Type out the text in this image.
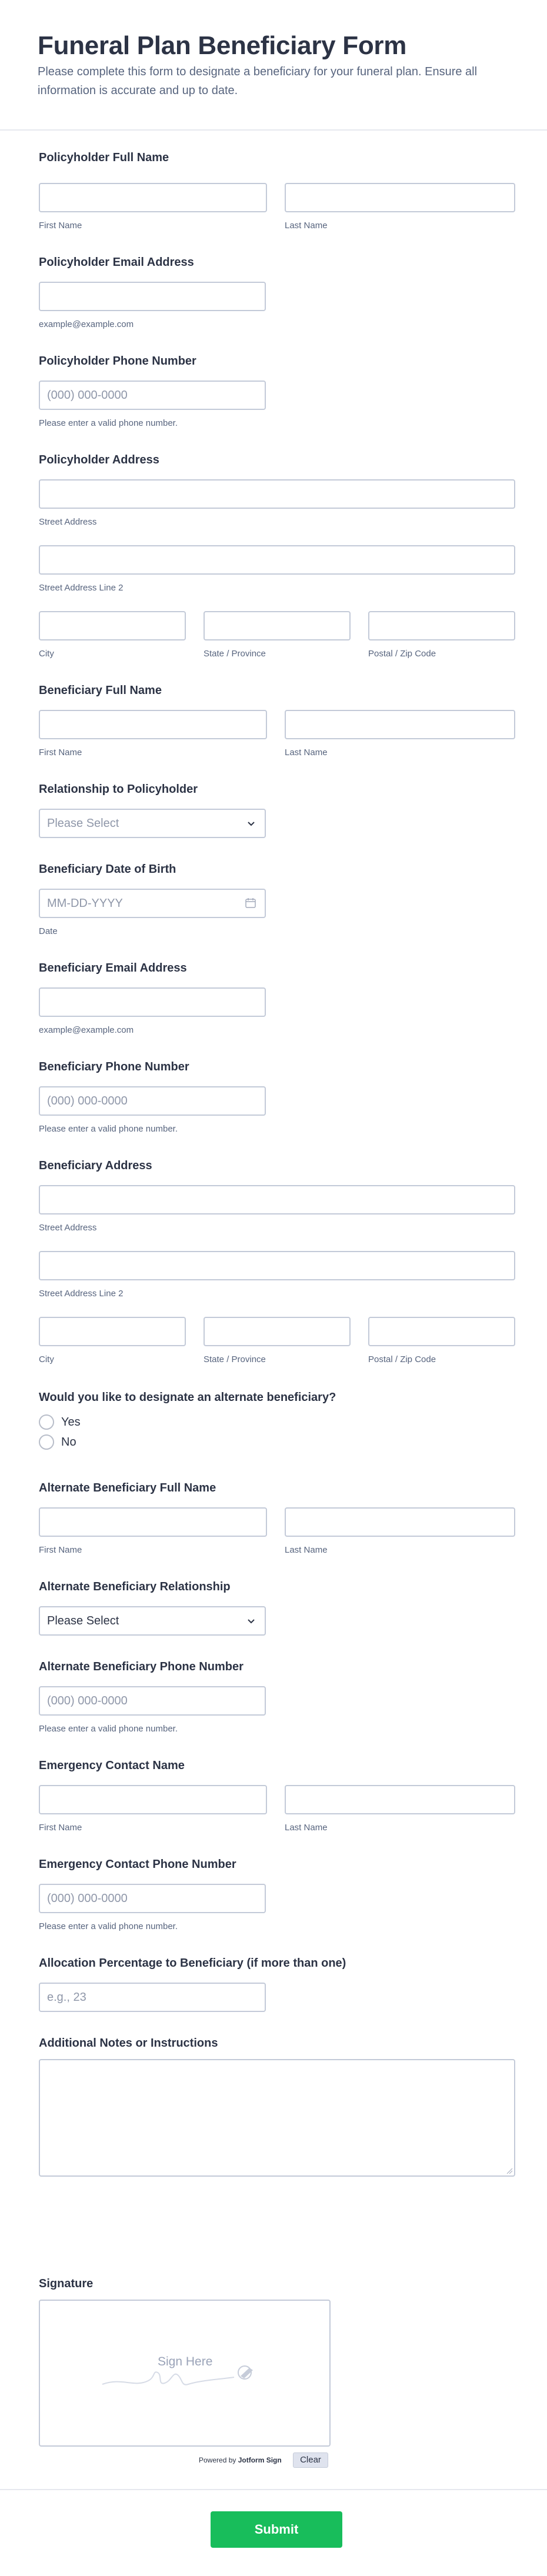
Funeral Plan Beneficiary Form

Please complete this form to designate a beneficiary for your funeral plan. Ensure all information is accurate and up to date.

Policyholder Full Name
First Name	Last Name
Policyholder Email Address
example@example.com
Policyholder Phone Number
(000) 000-0000
Please enter a valid phone number.
Policyholder Address
Street Address
Street Address Line 2
City	State / Province	Postal / Zip Code
Beneficiary Full Name
First Name	Last Name
Relationship to Policyholder
Please Select
Beneficiary Date of Birth
MM-DD-YYYY
Date
Beneficiary Email Address
example@example.com
Beneficiary Phone Number
(000) 000-0000
Please enter a valid phone number.
Beneficiary Address
Street Address
Street Address Line 2
City	State / Province	Postal / Zip Code
Would you like to designate an alternate beneficiary?
Yes
No
Alternate Beneficiary Full Name
First Name	Last Name
Alternate Beneficiary Relationship
Please Select
Alternate Beneficiary Phone Number
(000) 000-0000
Please enter a valid phone number.
Emergency Contact Name
First Name	Last Name
Emergency Contact Phone Number
(000) 000-0000
Please enter a valid phone number.
Allocation Percentage to Beneficiary (if more than one)
e.g., 23
Additional Notes or Instructions
Signature
Sign Here
Powered by Jotform Sign	Clear
Submit
